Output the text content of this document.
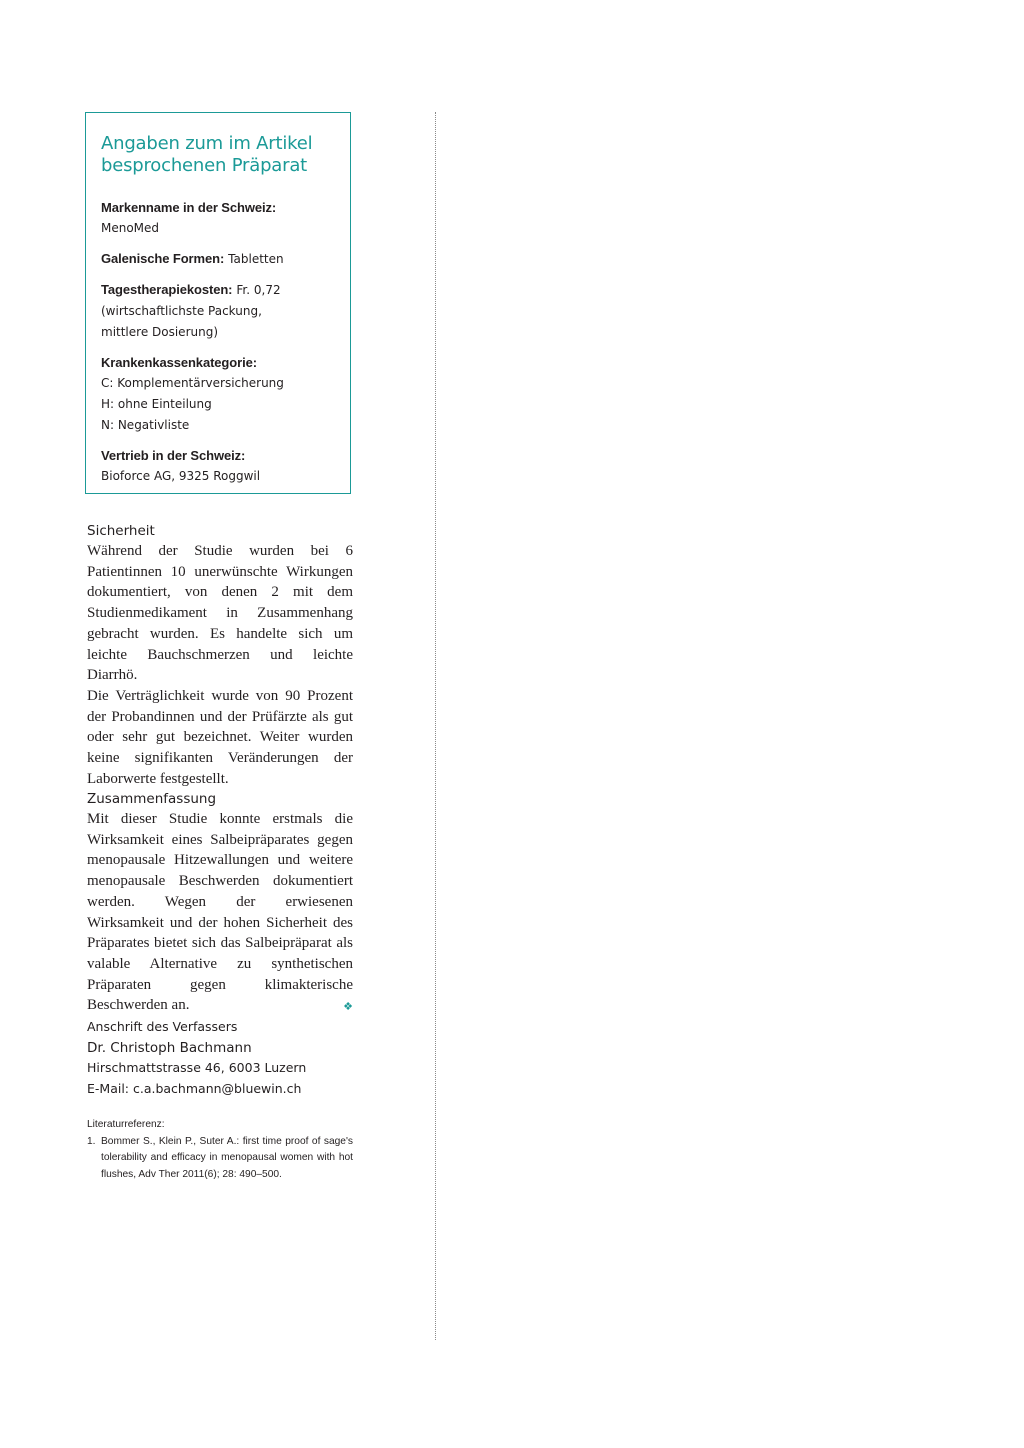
Angaben zum im Artikel
besprochenen Präparat
Markenname in der Schweiz:
MenoMed
Galenische Formen: Tabletten
Tagestherapiekosten: Fr. 0,72
(wirtschaftlichste Packung,
mittlere Dosierung)
Krankenkassenkategorie:
C: Komplementärversicherung
H: ohne Einteilung
N: Negativliste
Vertrieb in der Schweiz:
Bioforce AG, 9325 Roggwil
Sicherheit

Während der Studie wurden bei 6 Patientinnen 10 unerwünschte Wirkungen dokumentiert, von denen 2 mit dem Studienmedikament in Zusammenhang gebracht wurden. Es handelte sich um leichte Bauchschmerzen und leichte Diarrhö.

Die Verträglichkeit wurde von 90 Prozent der Probandinnen und der Prüfärzte als gut oder sehr gut bezeichnet. Weiter wurden keine signifikanten Veränderungen der Laborwerte festgestellt.

Zusammenfassung

Mit dieser Studie konnte erstmals die Wirksamkeit eines Salbeipräparates gegen menopausale Hitzewallungen und weitere menopausale Beschwerden dokumentiert werden. Wegen der erwiesenen Wirksamkeit und der hohen Sicherheit des Präparates bietet sich das Salbeipräparat als valable Alternative zu synthetischen Präparaten gegen klimakterische Beschwerden an.	❖

Anschrift des Verfassers
Dr. Christoph Bachmann
Hirschmattstrasse 46, 6003 Luzern
E-Mail: c.a.bachmann@bluewin.ch
Literaturreferenz:
1. Bommer S., Klein P., Suter A.: first time proof of sage's tolerability and efficacy in menopausal women with hot flushes, Adv Ther 2011(6); 28: 490–500.
